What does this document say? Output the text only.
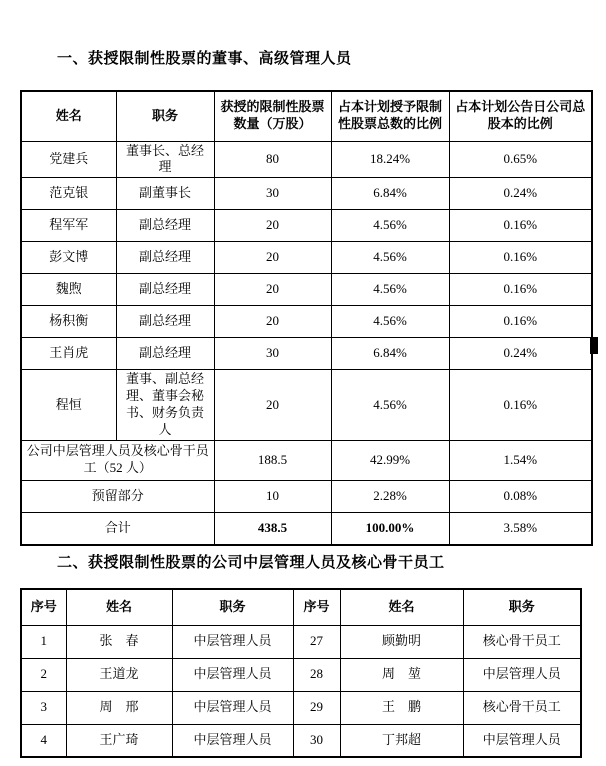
一、获授限制性股票的董事、高级管理人员
姓名	职务	获授的限制性股票数量（万股）	占本计划授予限制性股票总数的比例	占本计划公告日公司总股本的比例
党建兵	董事长、总经理	80	18.24%	0.65%
范克银	副董事长	30	6.84%	0.24%
程军军	副总经理	20	4.56%	0.16%
彭文博	副总经理	20	4.56%	0.16%
魏煦	副总经理	20	4.56%	0.16%
杨积衡	副总经理	20	4.56%	0.16%
王肖虎	副总经理	30	6.84%	0.24%
程恒	董事、副总经理、董事会秘书、财务负责人	20	4.56%	0.16%
公司中层管理人员及核心骨干员工（52 人）		188.5	42.99%	1.54%
预留部分		10	2.28%	0.08%
合计		438.5	100.00%	3.58%
二、获授限制性股票的公司中层管理人员及核心骨干员工
序号	姓名	职务	序号	姓名	职务
1	张　春	中层管理人员	27	顾勤明	核心骨干员工
2	王道龙	中层管理人员	28	周　堃	中层管理人员
3	周　邢	中层管理人员	29	王　鹏	核心骨干员工
4	王广琦	中层管理人员	30	丁邦超	中层管理人员
